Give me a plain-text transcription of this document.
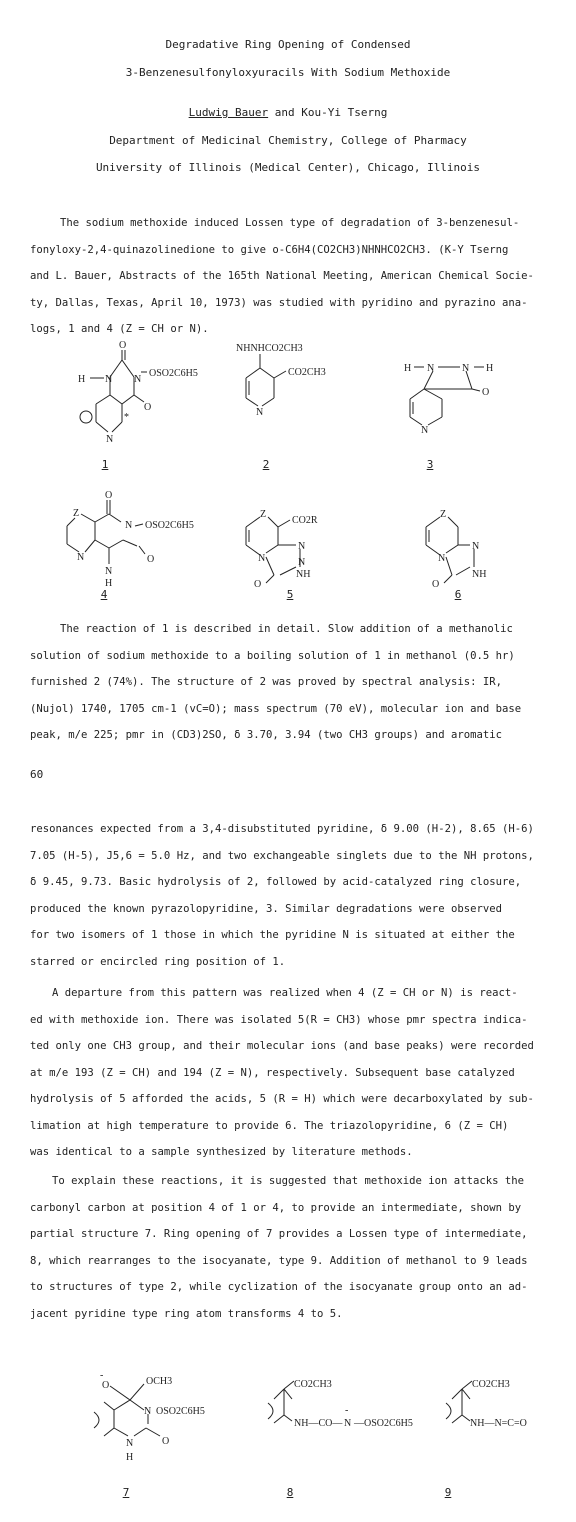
Degradative Ring Opening of Condensed
3-Benzenesulfonyloxyuracils With Sodium Methoxide
Ludwig Bauer and Kou-Yi Tserng
Department of Medicinal Chemistry, College of Pharmacy
University of Illinois (Medical Center), Chicago, Illinois
The sodium methoxide induced Lossen type of degradation of 3-benzenesul-
fonyloxy-2,4-quinazolinedione to give o-C6H4(CO2CH3)NHNHCO2CH3. (K-Y Tserng
and L. Bauer, Abstracts of the 165th National Meeting, American Chemical Socie-
ty, Dallas, Texas, April 10, 1973) was studied with pyridino and pyrazino ana-
logs, 1 and 4 (Z = CH or N).
O
H N N
OSO2C6H5
O
N
*
1
NHNHCO2CH3
CO2CH3
N
2
H N	N H
O
N
3
O
Z
N OSO2C6H5
N
N
O
H
4
Z
CO2R
N
N
N
NH
O
5
Z
N
N
NH
O
6
The reaction of 1 is described in detail. Slow addition of a methanolic
solution of sodium methoxide to a boiling solution of 1 in methanol (0.5 hr)
furnished 2 (74%). The structure of 2 was proved by spectral analysis: IR,
(Nujol) 1740, 1705 cm-1 (vC=O); mass spectrum (70 eV), molecular ion and base
peak, m/e 225; pmr in (CD3)2SO, δ 3.70, 3.94 (two CH3 groups) and aromatic
60
resonances expected from a 3,4-disubstituted pyridine, δ 9.00 (H-2), 8.65 (H-6)
7.05 (H-5), J5,6 = 5.0 Hz, and two exchangeable singlets due to the NH protons,
δ 9.45, 9.73. Basic hydrolysis of 2, followed by acid-catalyzed ring closure,
produced the known pyrazolopyridine, 3. Similar degradations were observed
for two isomers of 1 those in which the pyridine N is situated at either the
starred or encircled ring position of 1.
A departure from this pattern was realized when 4 (Z = CH or N) is react-
ed with methoxide ion. There was isolated 5(R = CH3) whose pmr spectra indica-
ted only one CH3 group, and their molecular ions (and base peaks) were recorded
at m/e 193 (Z = CH) and 194 (Z = N), respectively. Subsequent base catalyzed
hydrolysis of 5 afforded the acids, 5 (R = H) which were decarboxylated by sub-
limation at high temperature to provide 6. The triazolopyridine, 6 (Z = CH)
was identical to a sample synthesized by literature methods.
To explain these reactions, it is suggested that methoxide ion attacks the
carbonyl carbon at position 4 of 1 or 4, to provide an intermediate, shown by
partial structure 7. Ring opening of 7 provides a Lossen type of intermediate,
8, which rearranges to the isocyanate, type 9. Addition of methanol to 9 leads
to structures of type 2, while cyclization of the isocyanate group onto an ad-
jacent pyridine type ring atom transforms 4 to 5.
-
O	OCH3
N OSO2C6H5
N
H
O
7
CO2CH3
NH—CO— N —OSO2C6H5
-
8
CO2CH3
NH—N=C=O
9
